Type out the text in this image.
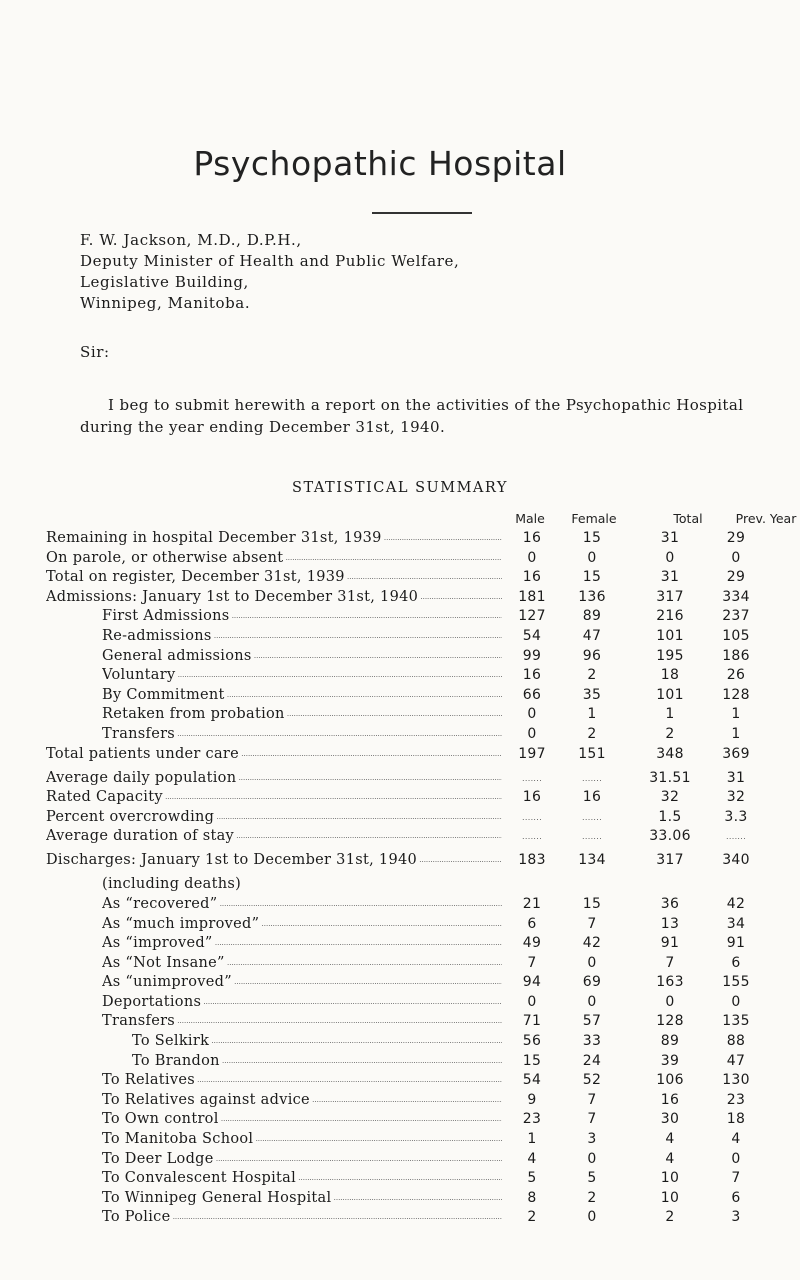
Psychopathic Hospital
F. W. Jackson, M.D., D.P.H.,
Deputy Minister of Health and Public Welfare,
Legislative Building,
Winnipeg, Manitoba.
Sir:
I beg to submit herewith a report on the activities of the Psychopathic Hospital
during the year ending December 31st, 1940.
STATISTICAL SUMMARY
Male	Female	Total	Prev. Year
Remaining in hospital December 31st, 1939 .....	16	15	31	29
On parole, or otherwise absent .....	0	0	0	0
Total on register, December 31st, 1939 .....	16	15	31	29
Admissions: January 1st to December 31st, 1940 .....	181	136	317	334
First Admissions .....	127	89	216	237
Re-admissions .....	54	47	101	105
General admissions .....	99	96	195	186
Voluntary .....	16	2	18	26
By Commitment .....	66	35	101	128
Retaken from probation .....	0	1	1	1
Transfers .....	0	2	2	1
Total patients under care .....	197	151	348	369
Average daily population .....	.......	.......	31.51	31
Rated Capacity .....	16	16	32	32
Percent overcrowding .....	.......	.......	1.5	3.3
Average duration of stay .....	.......	.......	33.06	.......
Discharges: January 1st to December 31st, 1940 .....	183	134	317	340
(including deaths)
As “recovered” .....	21	15	36	42
As “much improved” .....	6	7	13	34
As “improved” .....	49	42	91	91
As “Not Insane” .....	7	0	7	6
As “unimproved” .....	94	69	163	155
Deportations .....	0	0	0	0
Transfers .....	71	57	128	135
To Selkirk .....	56	33	89	88
To Brandon .....	15	24	39	47
To Relatives .....	54	52	106	130
To Relatives against advice .....	9	7	16	23
To Own control .....	23	7	30	18
To Manitoba School .....	1	3	4	4
To Deer Lodge .....	4	0	4	0
To Convalescent Hospital .....	5	5	10	7
To Winnipeg General Hospital .....	8	2	10	6
To Police .....	2	0	2	3
